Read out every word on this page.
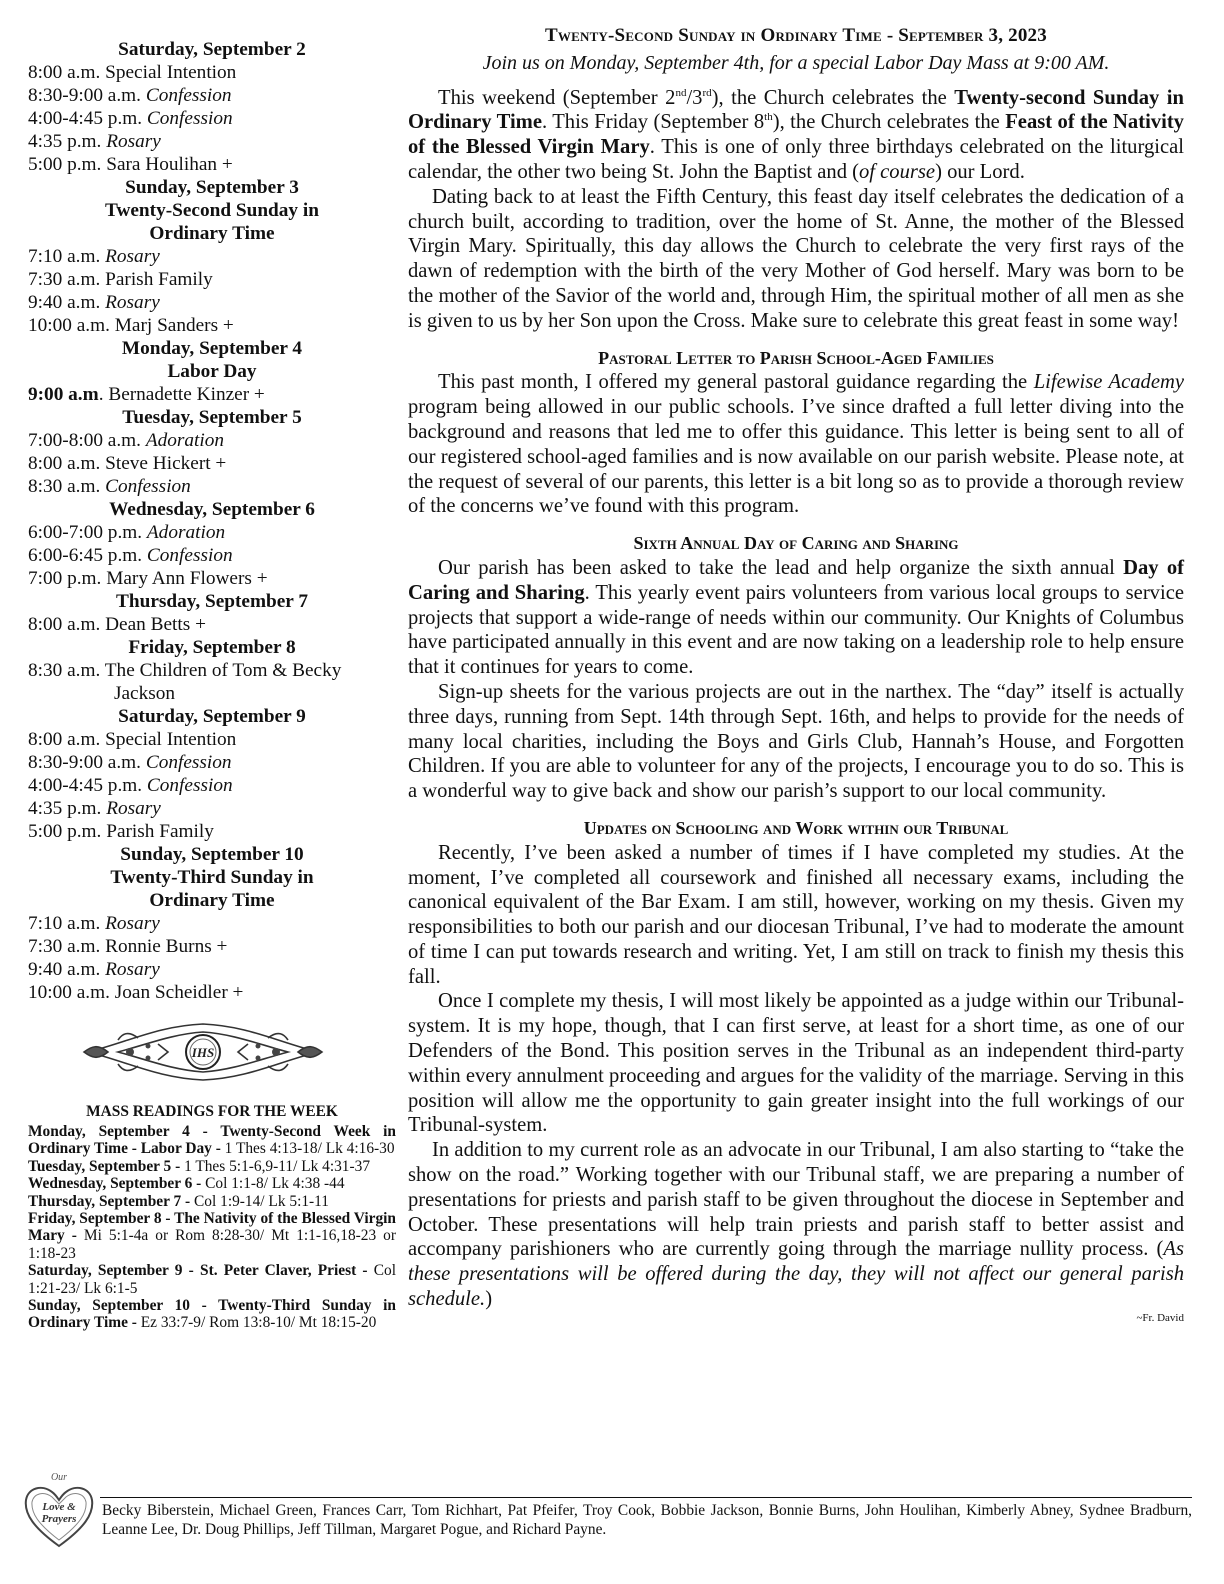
Saturday, September 2
8:00 a.m. Special Intention
8:30-9:00 a.m. Confession
4:00-4:45 p.m. Confession
4:35 p.m. Rosary
5:00 p.m. Sara Houlihan +
Sunday, September 3
Twenty-Second Sunday in
Ordinary Time
7:10 a.m. Rosary
7:30 a.m. Parish Family
9:40 a.m. Rosary
10:00 a.m. Marj Sanders +
Monday, September 4
Labor Day
9:00 a.m. Bernadette Kinzer +
Tuesday, September 5
7:00-8:00 a.m. Adoration
8:00 a.m. Steve Hickert +
8:30 a.m. Confession
Wednesday, September 6
6:00-7:00 p.m. Adoration
6:00-6:45 p.m. Confession
7:00 p.m. Mary Ann Flowers +
Thursday, September 7
8:00 a.m. Dean Betts +
Friday, September 8
8:30 a.m. The Children of Tom & Becky
Jackson
Saturday, September 9
8:00 a.m. Special Intention
8:30-9:00 a.m. Confession
4:00-4:45 p.m. Confession
4:35 p.m. Rosary
5:00 p.m. Parish Family
Sunday, September 10
Twenty-Third Sunday in
Ordinary Time
7:10 a.m. Rosary
7:30 a.m. Ronnie Burns +
9:40 a.m. Rosary
10:00 a.m. Joan Scheidler +
IHS
MASS READINGS FOR THE WEEK
Monday, September 4 - Twenty-Second Week in Ordinary Time - Labor Day - 1 Thes 4:13-18/ Lk 4:16-30
Tuesday, September 5 - 1 Thes 5:1-6,9-11/ Lk 4:31-37
Wednesday, September 6 - Col 1:1-8/ Lk 4:38 -44
Thursday, September 7 - Col 1:9-14/ Lk 5:1-11
Friday, September 8 - The Nativity of the Blessed Virgin Mary - Mi 5:1-4a or Rom 8:28-30/ Mt 1:1-16,18-23 or 1:18-23
Saturday, September 9 - St. Peter Claver, Priest - Col 1:21-23/ Lk 6:1-5
Sunday, September 10 - Twenty-Third Sunday in Ordinary Time - Ez 33:7-9/ Rom 13:8-10/ Mt 18:15-20
Twenty-Second Sunday in Ordinary Time - September 3, 2023
Join us on Monday, September 4th, for a special Labor Day Mass at 9:00 AM.

This weekend (September 2nd/3rd), the Church celebrates the Twenty-second Sunday in Ordinary Time. This Friday (September 8th), the Church celebrates the Feast of the Nativity of the Blessed Virgin Mary. This is one of only three birthdays celebrated on the liturgical calendar, the other two being St. John the Baptist and (of course) our Lord.

Dating back to at least the Fifth Century, this feast day itself celebrates the dedication of a church built, according to tradition, over the home of St. Anne, the mother of the Blessed Virgin Mary. Spiritually, this day allows the Church to celebrate the very first rays of the dawn of redemption with the birth of the very Mother of God herself. Mary was born to be the mother of the Savior of the world and, through Him, the spiritual mother of all men as she is given to us by her Son upon the Cross. Make sure to celebrate this great feast in some way!

Pastoral Letter to Parish School-Aged Families

This past month, I offered my general pastoral guidance regarding the Lifewise Academy program being allowed in our public schools. I’ve since drafted a full letter diving into the background and reasons that led me to offer this guidance. This letter is being sent to all of our registered school-aged families and is now available on our parish website. Please note, at the request of several of our parents, this letter is a bit long so as to provide a thorough review of the concerns we’ve found with this program.

Sixth Annual Day of Caring and Sharing

Our parish has been asked to take the lead and help organize the sixth annual Day of Caring and Sharing. This yearly event pairs volunteers from various local groups to service projects that support a wide-range of needs within our community. Our Knights of Columbus have participated annually in this event and are now taking on a leadership role to help ensure that it continues for years to come.

Sign-up sheets for the various projects are out in the narthex. The “day” itself is actually three days, running from Sept. 14th through Sept. 16th, and helps to provide for the needs of many local charities, including the Boys and Girls Club, Hannah’s House, and Forgotten Children. If you are able to volunteer for any of the projects, I encourage you to do so. This is a wonderful way to give back and show our parish’s support to our local community.

Updates on Schooling and Work within our Tribunal

Recently, I’ve been asked a number of times if I have completed my studies. At the moment, I’ve completed all coursework and finished all necessary exams, including the canonical equivalent of the Bar Exam. I am still, however, working on my thesis. Given my responsibilities to both our parish and our diocesan Tribunal, I’ve had to moderate the amount of time I can put towards research and writing. Yet, I am still on track to finish my thesis this fall.

Once I complete my thesis, I will most likely be appointed as a judge within our Tribunal-system. It is my hope, though, that I can first serve, at least for a short time, as one of our Defenders of the Bond. This position serves in the Tribunal as an independent third-party within every annulment proceeding and argues for the validity of the marriage. Serving in this position will allow me the opportunity to gain greater insight into the full workings of our Tribunal-system.

In addition to my current role as an advocate in our Tribunal, I am also starting to “take the show on the road.” Working together with our Tribunal staff, we are preparing a number of presentations for priests and parish staff to be given throughout the diocese in September and October. These presentations will help train priests and parish staff to better assist and accompany parishioners who are currently going through the marriage nullity process. (As these presentations will be offered during the day, they will not affect our general parish schedule.)

~Fr. David
Our
Love &
Prayers Becky Biberstein, Michael Green, Frances Carr, Tom Richhart, Pat Pfeifer, Troy Cook, Bobbie Jackson, Bonnie Burns, John Houlihan, Kimberly Abney, Sydnee Bradburn, Leanne Lee, Dr. Doug Phillips, Jeff Tillman, Margaret Pogue, and Richard Payne.
